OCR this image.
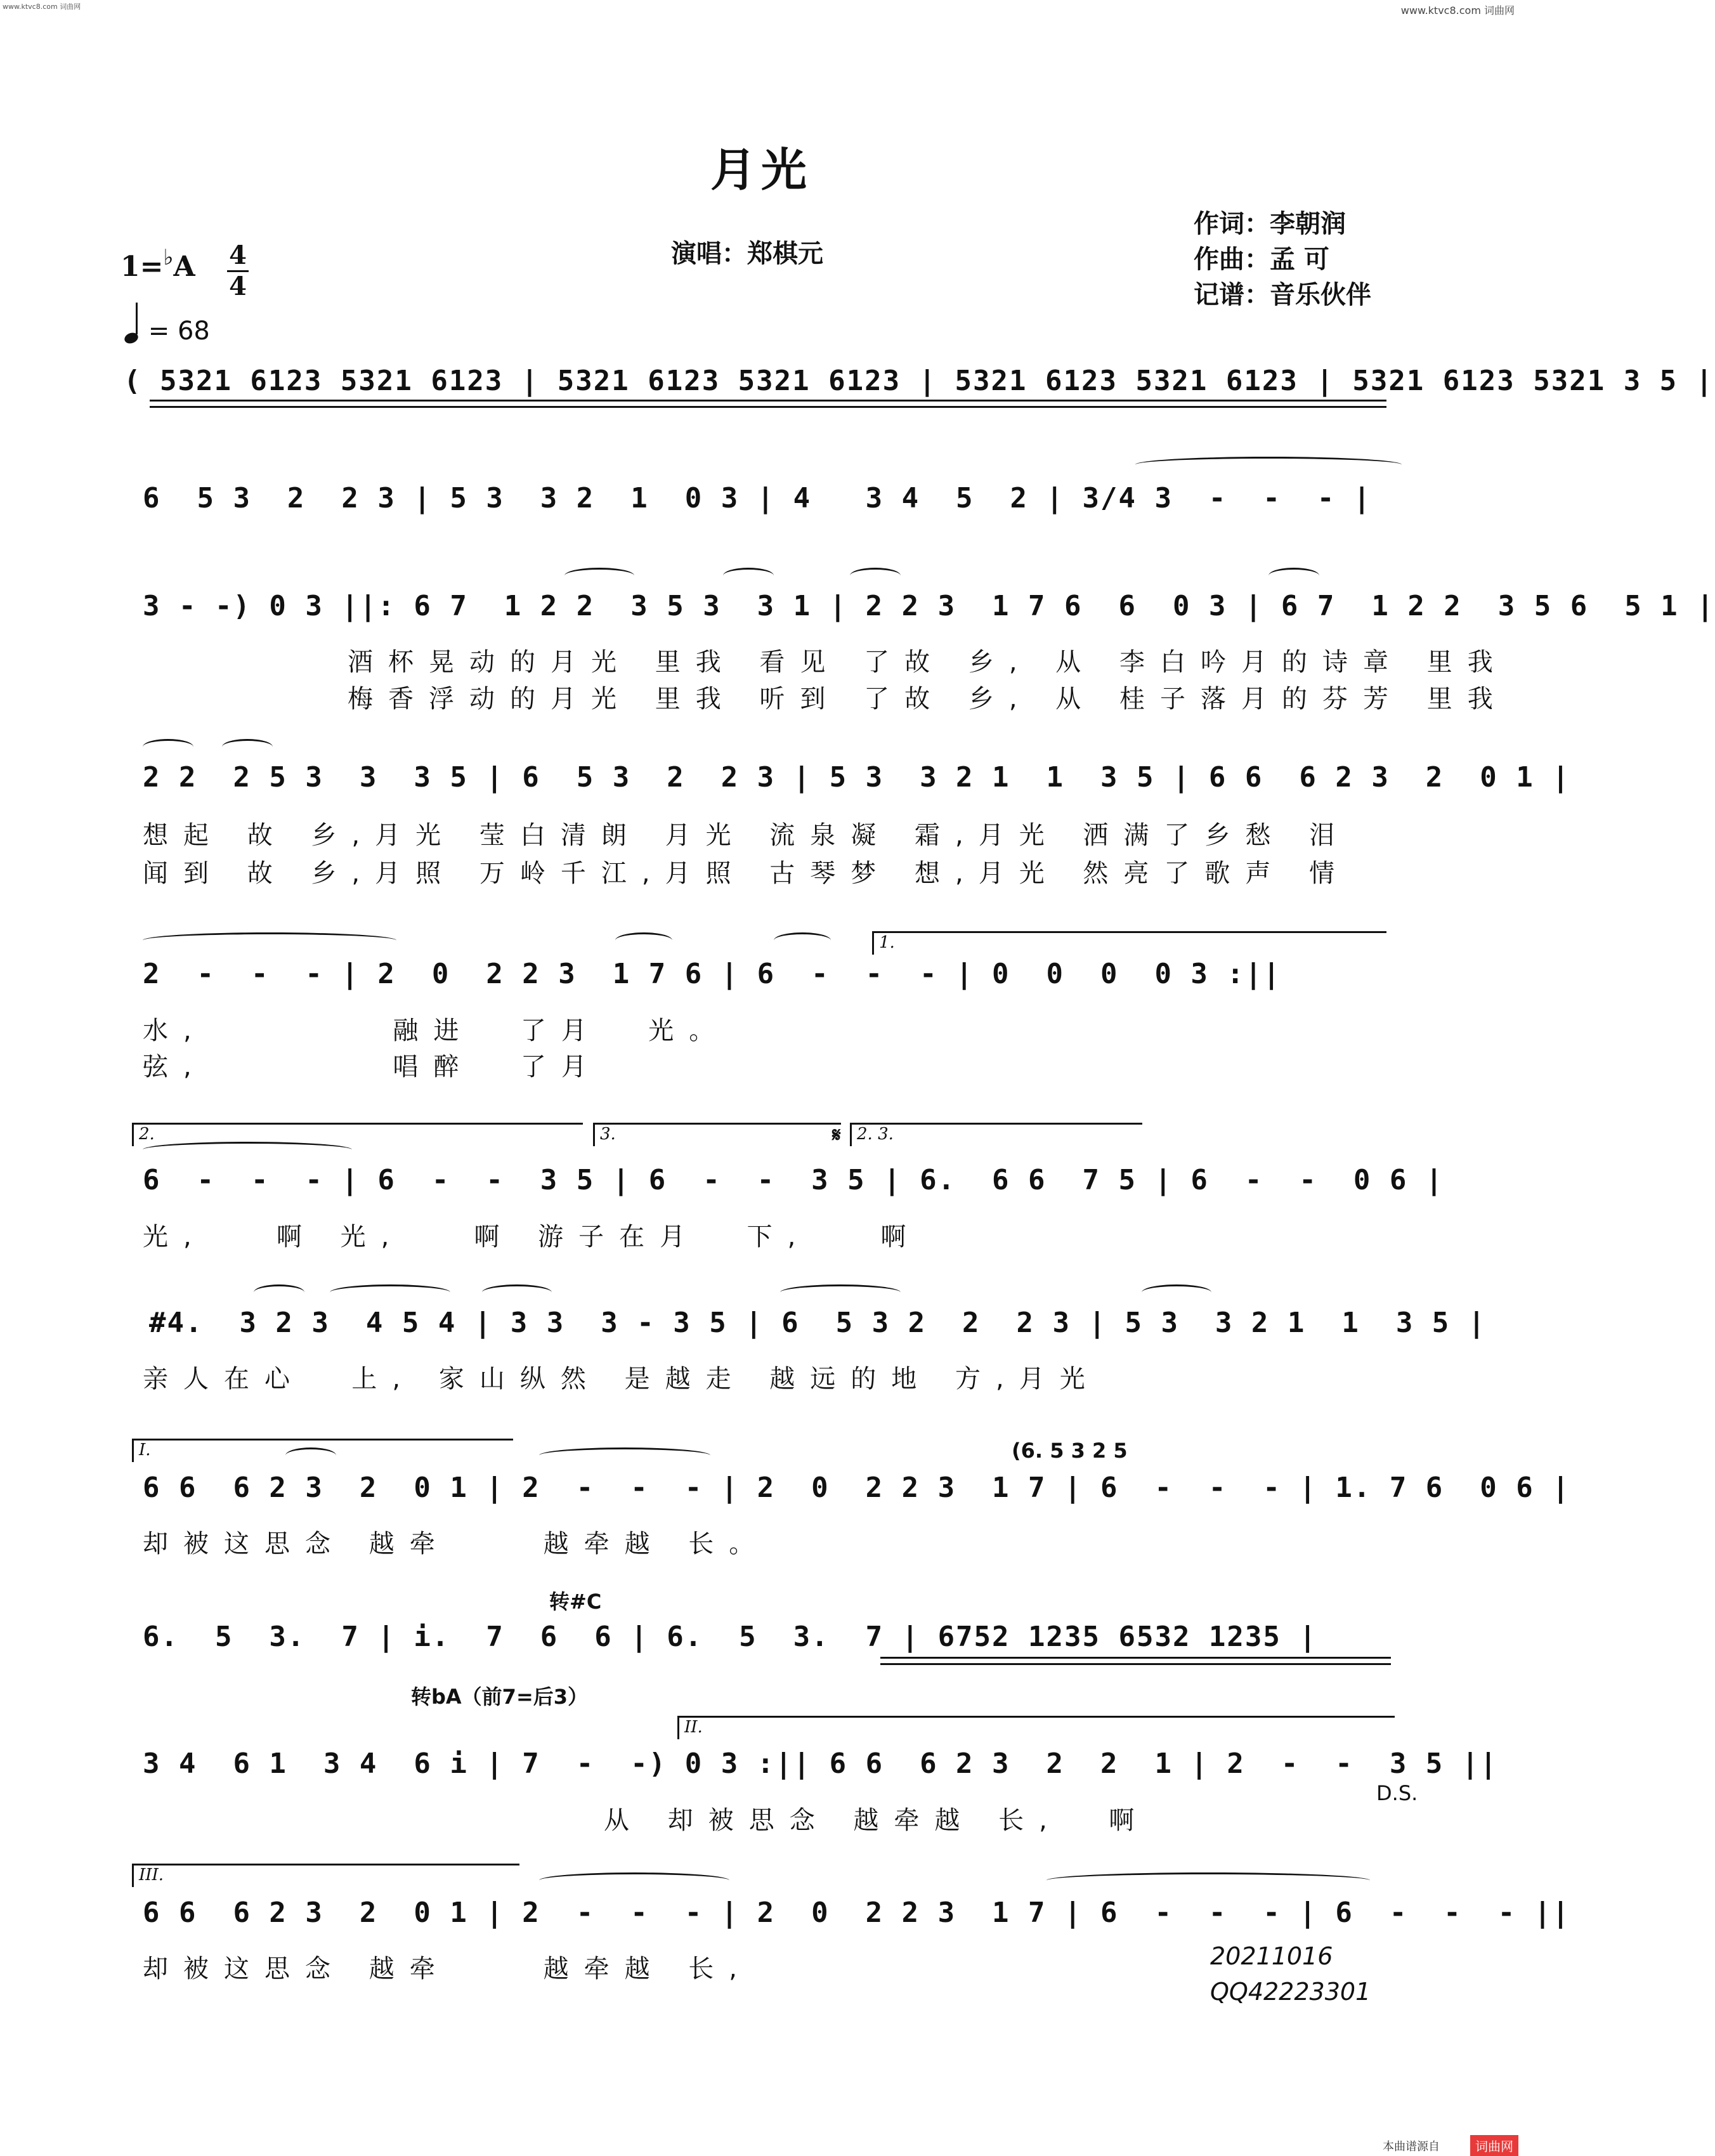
www.ktvc8.com 词曲网	www.ktvc8.com 词曲网
月光
演唱：郑棋元
作词：李朝润
作曲：孟 可
记谱：音乐伙伴
1=♭A 4
4
= 68
( 5321 6123 5321 6123 | 5321 6123 5321 6123 | 5321 6123 5321 6123 | 5321 6123 5321 3 5 |
6  5 3  2  2 3 | 5 3  3 2  1  0 3 | 4   3 4  5  2 | 3/4 3  -  -  - |
3 - -) 0 3 ||: 6 7  1 2 2  3 5 3  3 1 | 2 2 3  1 7 6  6  0 3 | 6 7  1 2 2  3 5 6  5 1 |
酒杯晃动的月光 里我 看见 了故 乡, 从 李白吟月的诗章 里我
梅香浮动的月光 里我 听到 了故 乡, 从 桂子落月的芬芳 里我
2 2  2 5 3  3  3 5 | 6  5 3  2  2 3 | 5 3  3 2 1  1  3 5 | 6 6  6 2 3  2  0 1 |
想起 故 乡,月光 莹白清朗 月光 流泉凝 霜,月光 洒满了乡愁 泪
闻到 故 乡,月照 万岭千江,月照 古琴梦 想,月光 然亮了歌声 情
2  -  -  - | 2  0  2 2 3  1 7 6 | 6  -  -  - | 0  0  0  0 3 :||
水,        融进  了月  光。
弦,        唱醉  了月
1.
6  -  -  - | 6  -  -  3 5 | 6  -  -  3 5 | 6.  6 6  7 5 | 6  -  -  0 6 |
光,   啊 光,   啊 游子在月  下,   啊
2.	3.	𝄋 2. 3.
#4.  3 2 3  4 5 4 | 3 3  3 - 3 5 | 6  5 3 2  2  2 3 | 5 3  3 2 1  1  3 5 |
亲人在心  上, 家山纵然 是越走 越远的地 方,月光
6 6  6 2 3  2  0 1 | 2  -  -  - | 2  0  2 2 3  1 7 | 6  -  -  - | 1. 7 6  0 6 |
却被这思念 越牵    越牵越 长。
I.	(6. 5 3 2 5
6.  5  3.  7 | i.  7  6  6 | 6.  5  3.  7 | 6752 1235 6532 1235 |
转#C
转bA（前7=后3）
3 4  6 1  3 4  6 i | 7  -  -) 0 3 :|| 6 6  6 2 3  2  2  1 | 2  -  -  3 5 ||
从 却被思念 越牵越 长,  啊
II.
D.S.
6 6  6 2 3  2  0 1 | 2  -  -  - | 2  0  2 2 3  1 7 | 6  -  -  - | 6  -  -  - ||
却被这思念 越牵    越牵越 长,
III.
20211016
QQ42223301
本曲谱源自	词曲网
